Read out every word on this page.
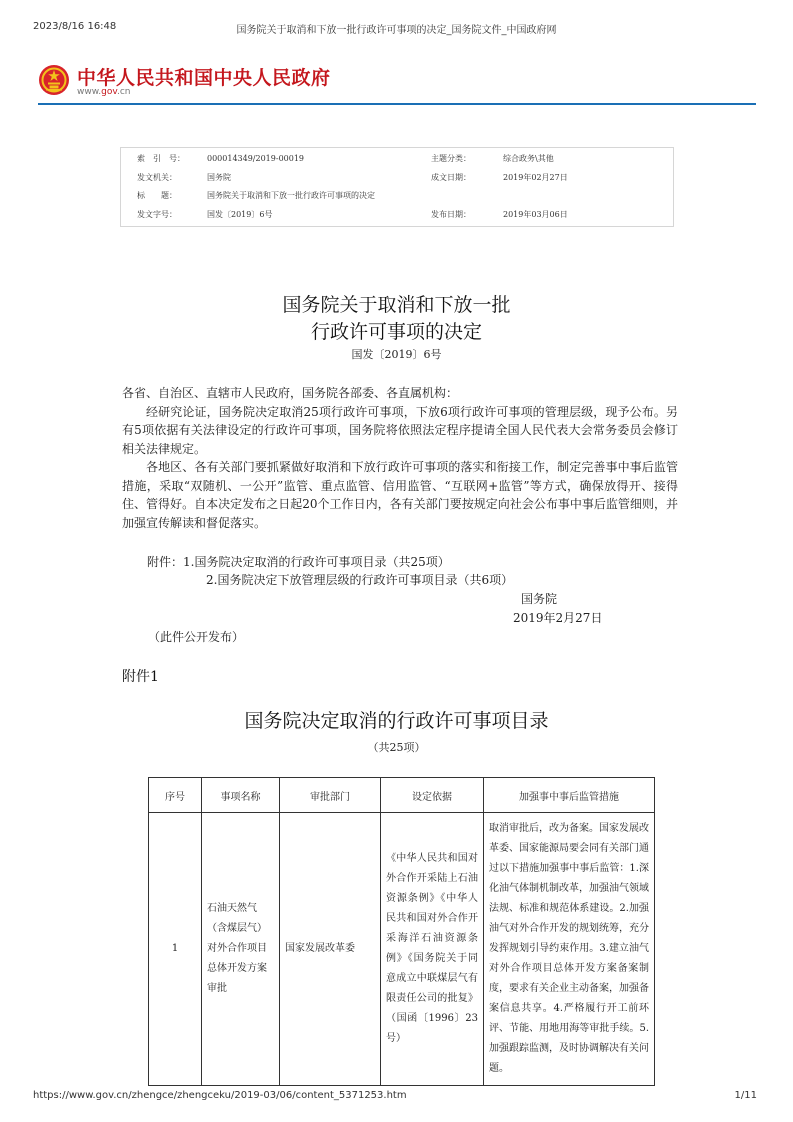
2023/8/16 16:48	国务院关于取消和下放一批行政许可事项的决定_国务院文件_中国政府网
中华人民共和国中央人民政府
www.gov.cn
索　引　号：	000014349/2019-00019	主题分类：	综合政务\其他
发文机关：	国务院	成文日期：	2019年02月27日
标　　题：	国务院关于取消和下放一批行政许可事项的决定
发文字号：	国发〔2019〕6号	发布日期：	2019年03月06日
国务院关于取消和下放一批
行政许可事项的决定
国发〔2019〕6号

各省、自治区、直辖市人民政府，国务院各部委、各直属机构：

经研究论证，国务院决定取消25项行政许可事项，下放6项行政许可事项的管理层级，现予公布。另有5项依据有关法律设定的行政许可事项，国务院将依照法定程序提请全国人民代表大会常务委员会修订相关法律规定。

各地区、各有关部门要抓紧做好取消和下放行政许可事项的落实和衔接工作，制定完善事中事后监管措施，采取“双随机、一公开”监管、重点监管、信用监管、“互联网+监管”等方式，确保放得开、接得住、管得好。自本决定发布之日起20个工作日内，各有关部门要按规定向社会公布事中事后监管细则，并加强宣传解读和督促落实。

附件：1.国务院决定取消的行政许可事项目录（共25项）
2.国务院决定下放管理层级的行政许可事项目录（共6项）
国务院
2019年2月27日
（此件公开发布）
附件1
国务院决定取消的行政许可事项目录
（共25项）
序号	事项名称	审批部门	设定依据	加强事中事后监管措施
1	石油天然气（含煤层气）对外合作项目总体开发方案审批	国家发展改革委	《中华人民共和国对外合作开采陆上石油资源条例》《中华人民共和国对外合作开采海洋石油资源条例》《国务院关于同意成立中联煤层气有限责任公司的批复》（国函〔1996〕23号）	取消审批后，改为备案。国家发展改革委、国家能源局要会同有关部门通过以下措施加强事中事后监管：1.深化油气体制机制改革，加强油气领域法规、标准和规范体系建设。2.加强油气对外合作开发的规划统筹，充分发挥规划引导约束作用。3.建立油气对外合作项目总体开发方案备案制度，要求有关企业主动备案，加强备案信息共享。4.严格履行开工前环评、节能、用地用海等审批手续。5.加强跟踪监测，及时协调解决有关问题。
https://www.gov.cn/zhengce/zhengceku/2019-03/06/content_5371253.htm	1/11
